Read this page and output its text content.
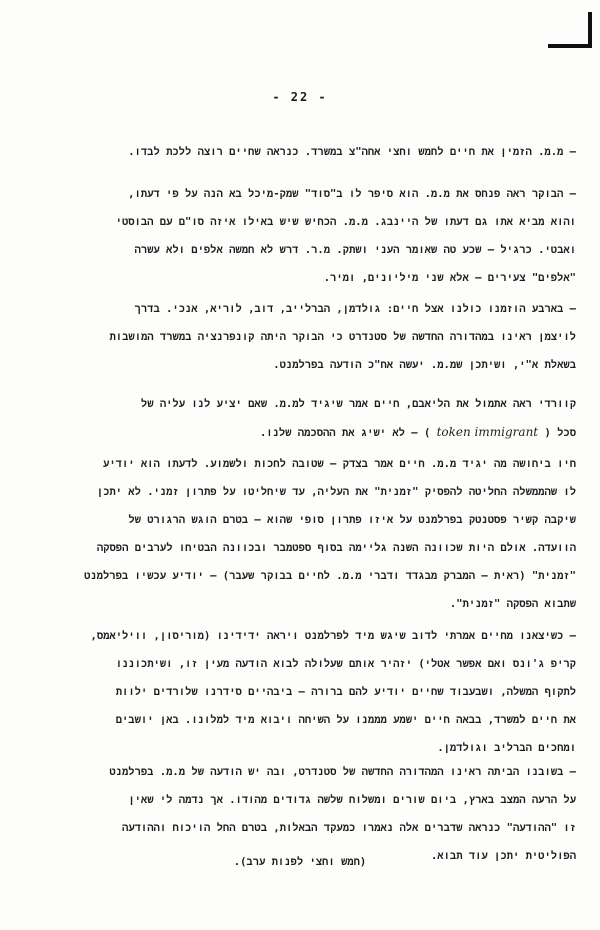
- 22 -
– מ.מ. הזמין את חיים לחמש וחצי אחה"צ במשרד. כנראה שחיים רוצה ללכת לבדו.
– הבוקר ראה פנחס את מ.מ. הוא סיפר לו ב"סוד" שמק-מיכל בא הנה על פי דעתו,
והוא מביא אתו גם דעתו של היינבג. מ.מ. הכחיש שיש באילו איזה סו"ם עם הבוסטי
ואבטי. כרגיל – שכע טה שאומר העני ושתק. מ.ר. דרש לא חמשה אלפים ולא עשרה
"אלפים" צעירים – אלא שני מיליונים, ומיר.
– בארבע הוזמנו כולנו אצל חיים: גולדמן, הברלייב, דוב, לוריא, אנכי. בדרך
לויצמן ראינו במהדורה החדשה של סטנדרט כי הבוקר היתה קונפרנציה במשרד המושבות
בשאלת א"י, ושיתכן שמ.מ. יעשה אח"כ הודעה בפרלמנט.
קוורדי ראה אתמול את הליאבם, חיים אמר שיגיד למ.מ. שאם יציע לנו עליה של
סכל ( token immigrant ) – לא ישיג את ההסכמה שלנו.
חיו ביחושה מה יגיד מ.מ. חיים אמר בצדק – שטובה לחכות ולשמוע. לדעתו הוא יודיע
לו שהממשלה החליטה להפסיק "זמנית" את העליה, עד שיחליטו על פתרון זמני. לא יתכן
שיקבה קשיר פסטנטק בפרלמנט על איזו פתרון סופי שהוא – בטרם הוגש הרגורט של
הוועדה. אולם היות שכוונה השנה גליימה בסוף ספטמבר ובכוונה הבטיחו לערבים הפסקה
"זמנית" (ראית – המברק מבגדד ודברי מ.מ. לחיים בבוקר שעבר) – יודיע עכשיו בפרלמנט
שתבוא הפסקה "זמנית".
– כשיצאנו מחיים אמרתי לדוב שיגש מיד לפרלמנט ויראה ידידינו (מוריסון, וויליאמס,
קריפ ג'ונס ואם אפשר אטלי) יזהיר אותם שעלולה לבוא הודעה מעין זו, ושיתכוננו
לתקוף המשלה, ושבעבוד שחיים יודיע להם ברורה – ביבהיים סידרנו שלורדים ילוות
את חיים למשרד, בבאה חיים ישמע מממנו על השיחה ויבוא מיד למלונו. באן יושבים
ומחכים הברליב וגולדמן.
– בשובנו הביתה ראינו המהדורה החדשה של סטנדרט, ובה יש הודעה של מ.מ. בפרלמנט
על הרעה המצב בארץ, ביום שורים ומשלוח שלשה גדודים מהודו. אך נדמה לי שאין
זו "ההודעה" כנראה שדברים אלה נאמרו כמעקד הבאלות, בטרם החל הויכוח וההודעה
הפוליטית יתכן עוד תבוא.
(חמש וחצי לפנות ערב).
